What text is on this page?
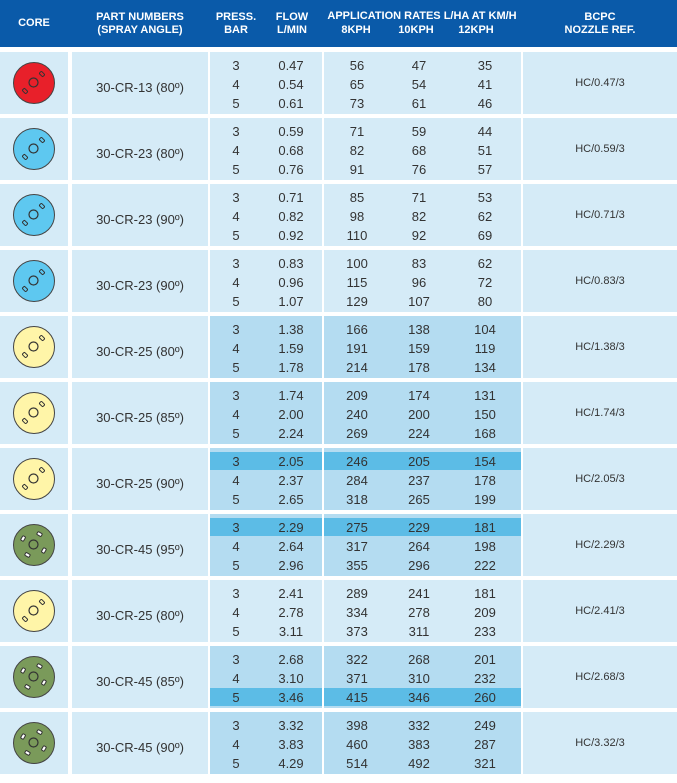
CORE
PART NUMBERS
(SPRAY ANGLE)
PRESS.
BAR
FLOW
L/MIN
APPLICATION RATES L/HA AT KM/H
8KPH	10KPH	12KPH
BCPC
NOZZLE REF.
30-CR-13 (80º)	HC/0.47/3
3	0.47	56	47	35
4	0.54	65	54	41
5	0.61	73	61	46
30-CR-23 (80º)	HC/0.59/3
3	0.59	71	59	44
4	0.68	82	68	51
5	0.76	91	76	57
30-CR-23 (90º)	HC/0.71/3
3	0.71	85	71	53
4	0.82	98	82	62
5	0.92	110	92	69
30-CR-23 (90º)	HC/0.83/3
3	0.83	100	83	62
4	0.96	115	96	72
5	1.07	129	107	80
30-CR-25 (80º)	HC/1.38/3
3	1.38	166	138	104
4	1.59	191	159	119
5	1.78	214	178	134
30-CR-25 (85º)	HC/1.74/3
3	1.74	209	174	131
4	2.00	240	200	150
5	2.24	269	224	168
30-CR-25 (90º)	HC/2.05/3
3	2.05	246	205	154
4	2.37	284	237	178
5	2.65	318	265	199
30-CR-45 (95º)	HC/2.29/3
3	2.29	275	229	181
4	2.64	317	264	198
5	2.96	355	296	222
30-CR-25 (80º)	HC/2.41/3
3	2.41	289	241	181
4	2.78	334	278	209
5	3.11	373	311	233
30-CR-45 (85º)	HC/2.68/3
3	2.68	322	268	201
4	3.10	371	310	232
5	3.46	415	346	260
30-CR-45 (90º)	HC/3.32/3
3	3.32	398	332	249
4	3.83	460	383	287
5	4.29	514	492	321
